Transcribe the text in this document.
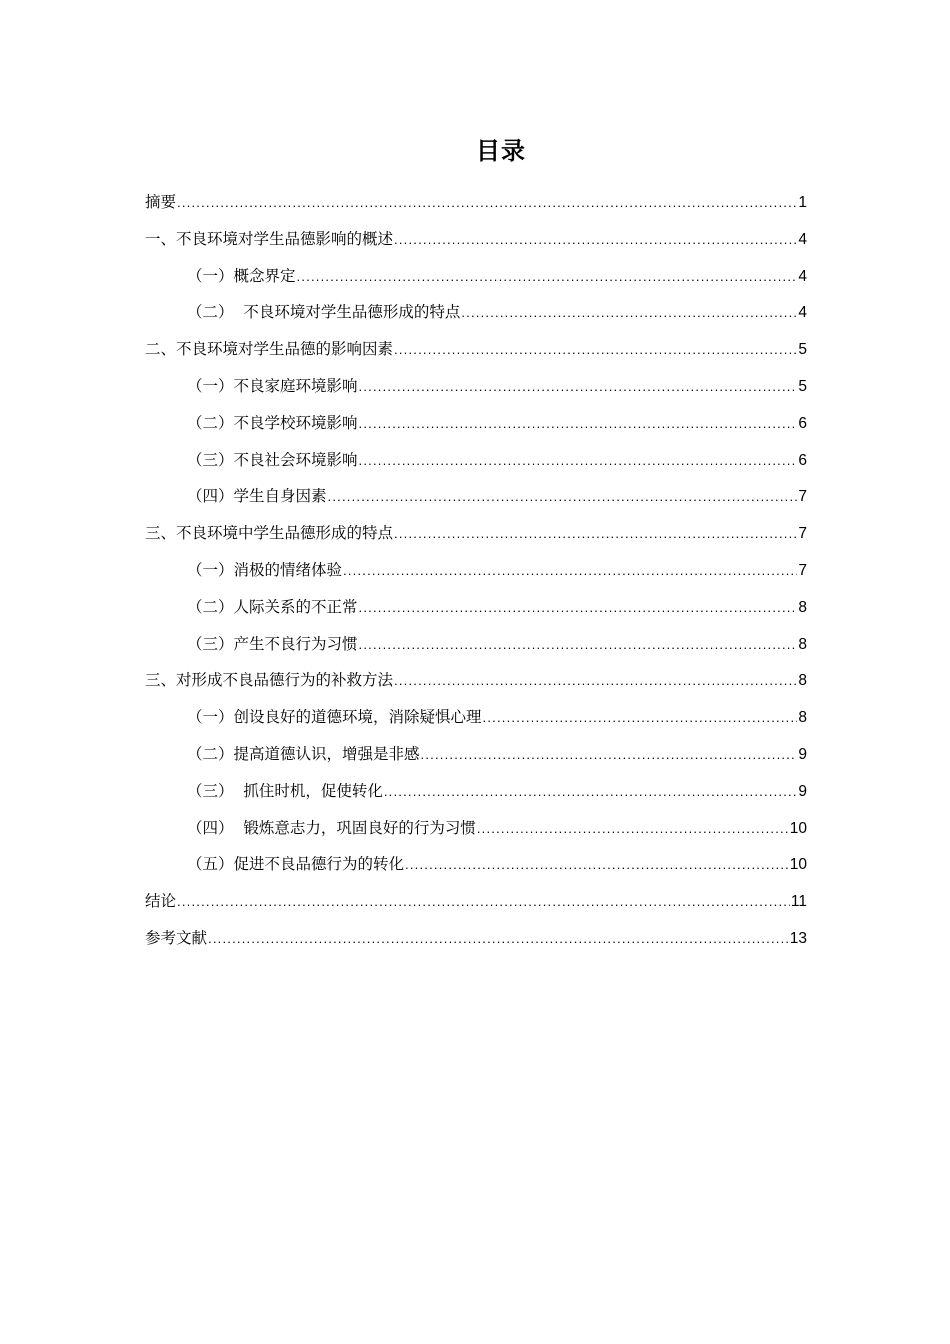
目录
摘要 .....	1
一、不良环境对学生品德影响的概述 .....	4
（一）概念界定 .....	4
（二）  不良环境对学生品德形成的特点 .....	4
二、不良环境对学生品德的影响因素 .....	5
（一）不良家庭环境影响 .....	5
（二）不良学校环境影响 .....	6
（三）不良社会环境影响 .....	6
（四）学生自身因素 .....	7
三、不良环境中学生品德形成的特点 .....	7
（一）消极的情绪体验 .....	7
（二）人际关系的不正常 .....	8
（三）产生不良行为习惯 .....	8
三、对形成不良品德行为的补救方法 .....	8
（一）创设良好的道德环境，消除疑惧心理 .....	8
（二）提高道德认识，增强是非感 .....	9
（三）  抓住时机，促使转化 .....	9
（四）  锻炼意志力，巩固良好的行为习惯 .....	10
（五）促进不良品德行为的转化 .....	10
结论 .....	11
参考文献 .....	13
